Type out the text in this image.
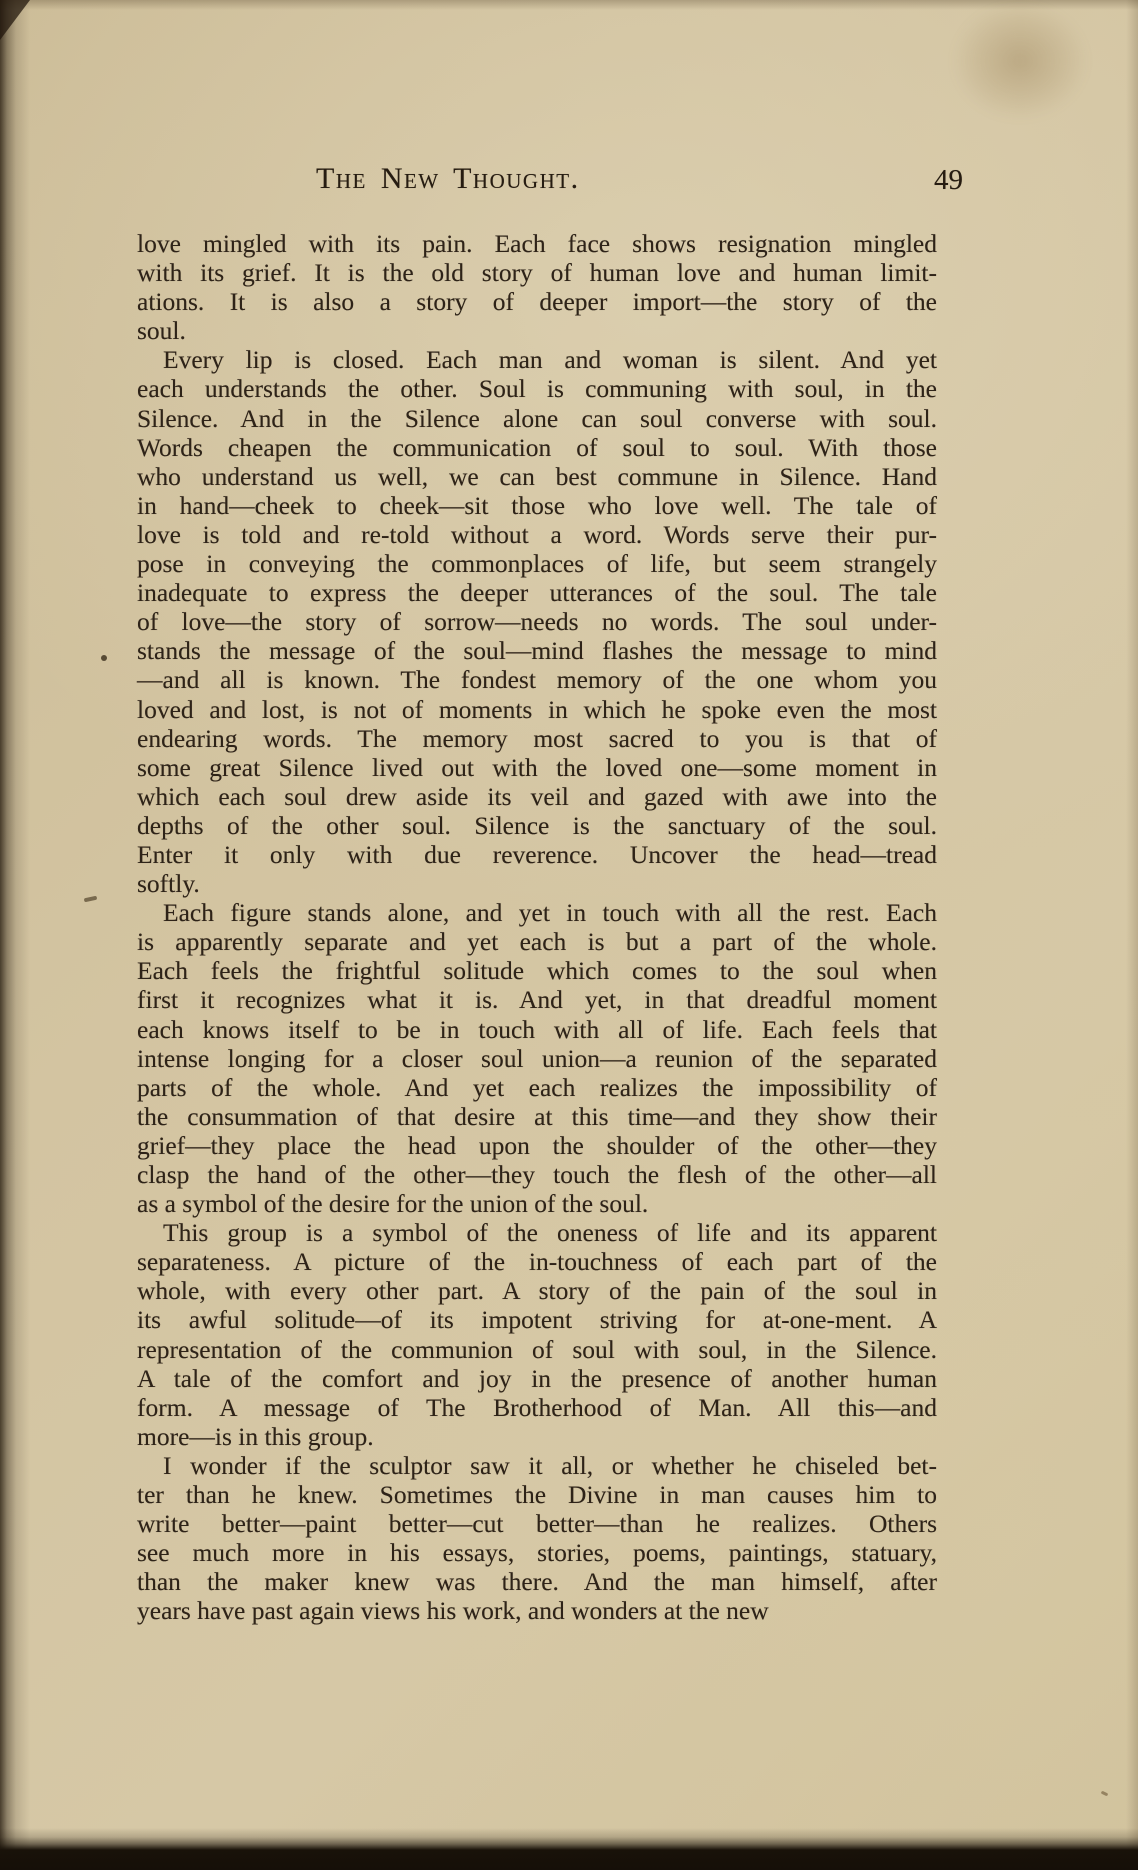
The New Thought.	49
love mingled with its pain. Each face shows resignation mingled
with its grief. It is the old story of human love and human limit-
ations. It is also a story of deeper import—the story of the
soul.
Every lip is closed. Each man and woman is silent. And yet
each understands the other. Soul is communing with soul, in the
Silence. And in the Silence alone can soul converse with soul.
Words cheapen the communication of soul to soul. With those
who understand us well, we can best commune in Silence. Hand
in hand—cheek to cheek—sit those who love well. The tale of
love is told and re-told without a word. Words serve their pur-
pose in conveying the commonplaces of life, but seem strangely
inadequate to express the deeper utterances of the soul. The tale
of love—the story of sorrow—needs no words. The soul under-
stands the message of the soul—mind flashes the message to mind
—and all is known. The fondest memory of the one whom you
loved and lost, is not of moments in which he spoke even the most
endearing words. The memory most sacred to you is that of
some great Silence lived out with the loved one—some moment in
which each soul drew aside its veil and gazed with awe into the
depths of the other soul. Silence is the sanctuary of the soul.
Enter it only with due reverence. Uncover the head—tread
softly.
Each figure stands alone, and yet in touch with all the rest. Each
is apparently separate and yet each is but a part of the whole.
Each feels the frightful solitude which comes to the soul when
first it recognizes what it is. And yet, in that dreadful moment
each knows itself to be in touch with all of life. Each feels that
intense longing for a closer soul union—a reunion of the separated
parts of the whole. And yet each realizes the impossibility of
the consummation of that desire at this time—and they show their
grief—they place the head upon the shoulder of the other—they
clasp the hand of the other—they touch the flesh of the other—all
as a symbol of the desire for the union of the soul.
This group is a symbol of the oneness of life and its apparent
separateness. A picture of the in-touchness of each part of the
whole, with every other part. A story of the pain of the soul in
its awful solitude—of its impotent striving for at-one-ment. A
representation of the communion of soul with soul, in the Silence.
A tale of the comfort and joy in the presence of another human
form. A message of The Brotherhood of Man. All this—and
more—is in this group.
I wonder if the sculptor saw it all, or whether he chiseled bet-
ter than he knew. Sometimes the Divine in man causes him to
write better—paint better—cut better—than he realizes. Others
see much more in his essays, stories, poems, paintings, statuary,
than the maker knew was there. And the man himself, after
years have past again views his work, and wonders at the new
